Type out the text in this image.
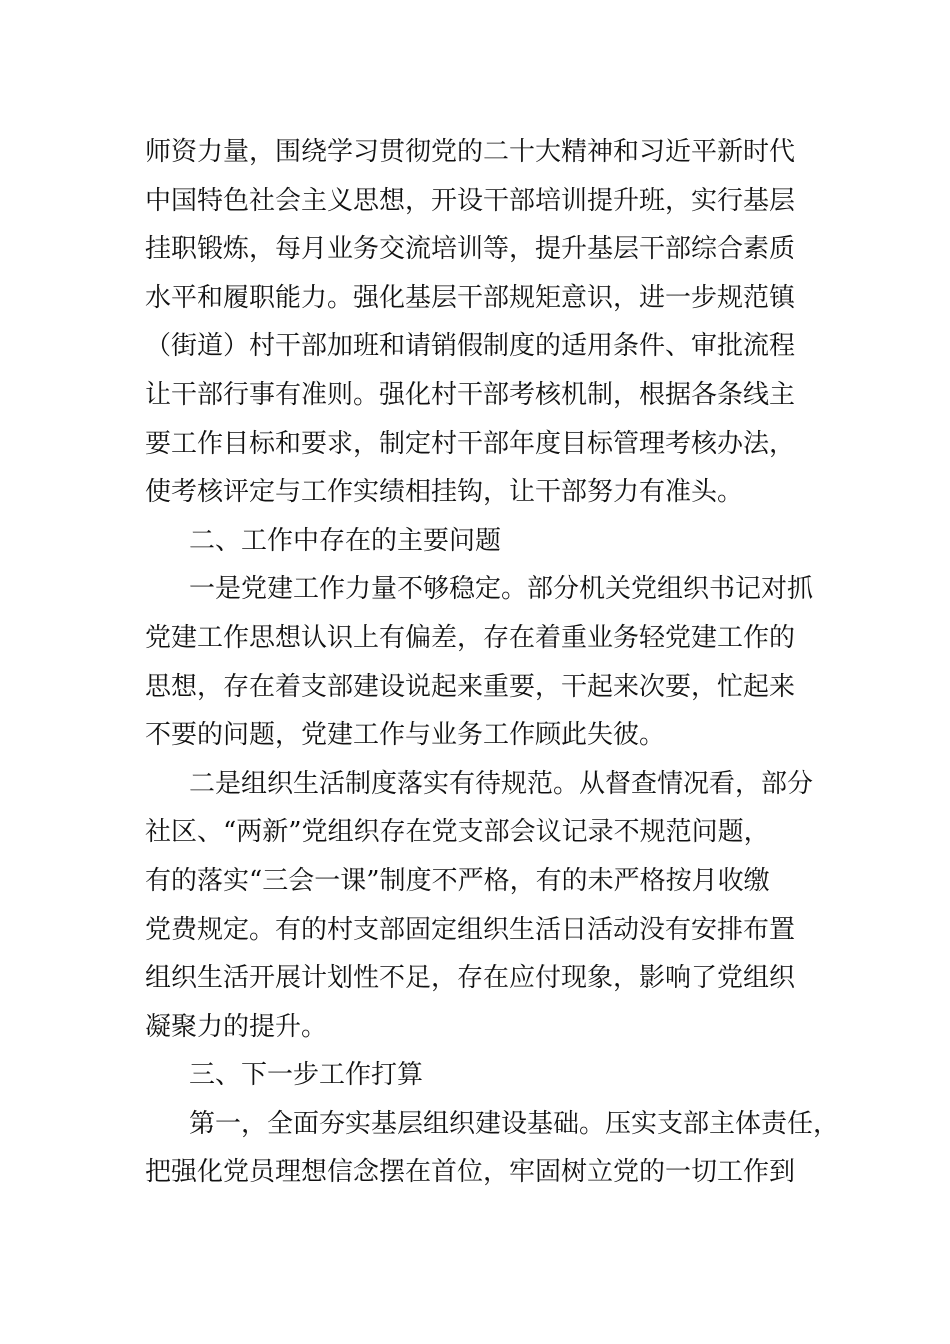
师资力量，围绕学习贯彻党的二十大精神和习近平新时代
中国特色社会主义思想，开设干部培训提升班，实行基层
挂职锻炼，每月业务交流培训等，提升基层干部综合素质
水平和履职能力。强化基层干部规矩意识，进一步规范镇
（街道）村干部加班和请销假制度的适用条件、审批流程
让干部行事有准则。强化村干部考核机制，根据各条线主
要工作目标和要求，制定村干部年度目标管理考核办法，
使考核评定与工作实绩相挂钩，让干部努力有准头。
二、工作中存在的主要问题
一是党建工作力量不够稳定。部分机关党组织书记对抓
党建工作思想认识上有偏差，存在着重业务轻党建工作的
思想，存在着支部建设说起来重要，干起来次要，忙起来
不要的问题，党建工作与业务工作顾此失彼。
二是组织生活制度落实有待规范。从督查情况看，部分
社区、“两新”党组织存在党支部会议记录不规范问题，
有的落实“三会一课”制度不严格，有的未严格按月收缴
党费规定。有的村支部固定组织生活日活动没有安排布置
组织生活开展计划性不足，存在应付现象，影响了党组织
凝聚力的提升。
三、下一步工作打算
第一，全面夯实基层组织建设基础。压实支部主体责任，
把强化党员理想信念摆在首位，牢固树立党的一切工作到
